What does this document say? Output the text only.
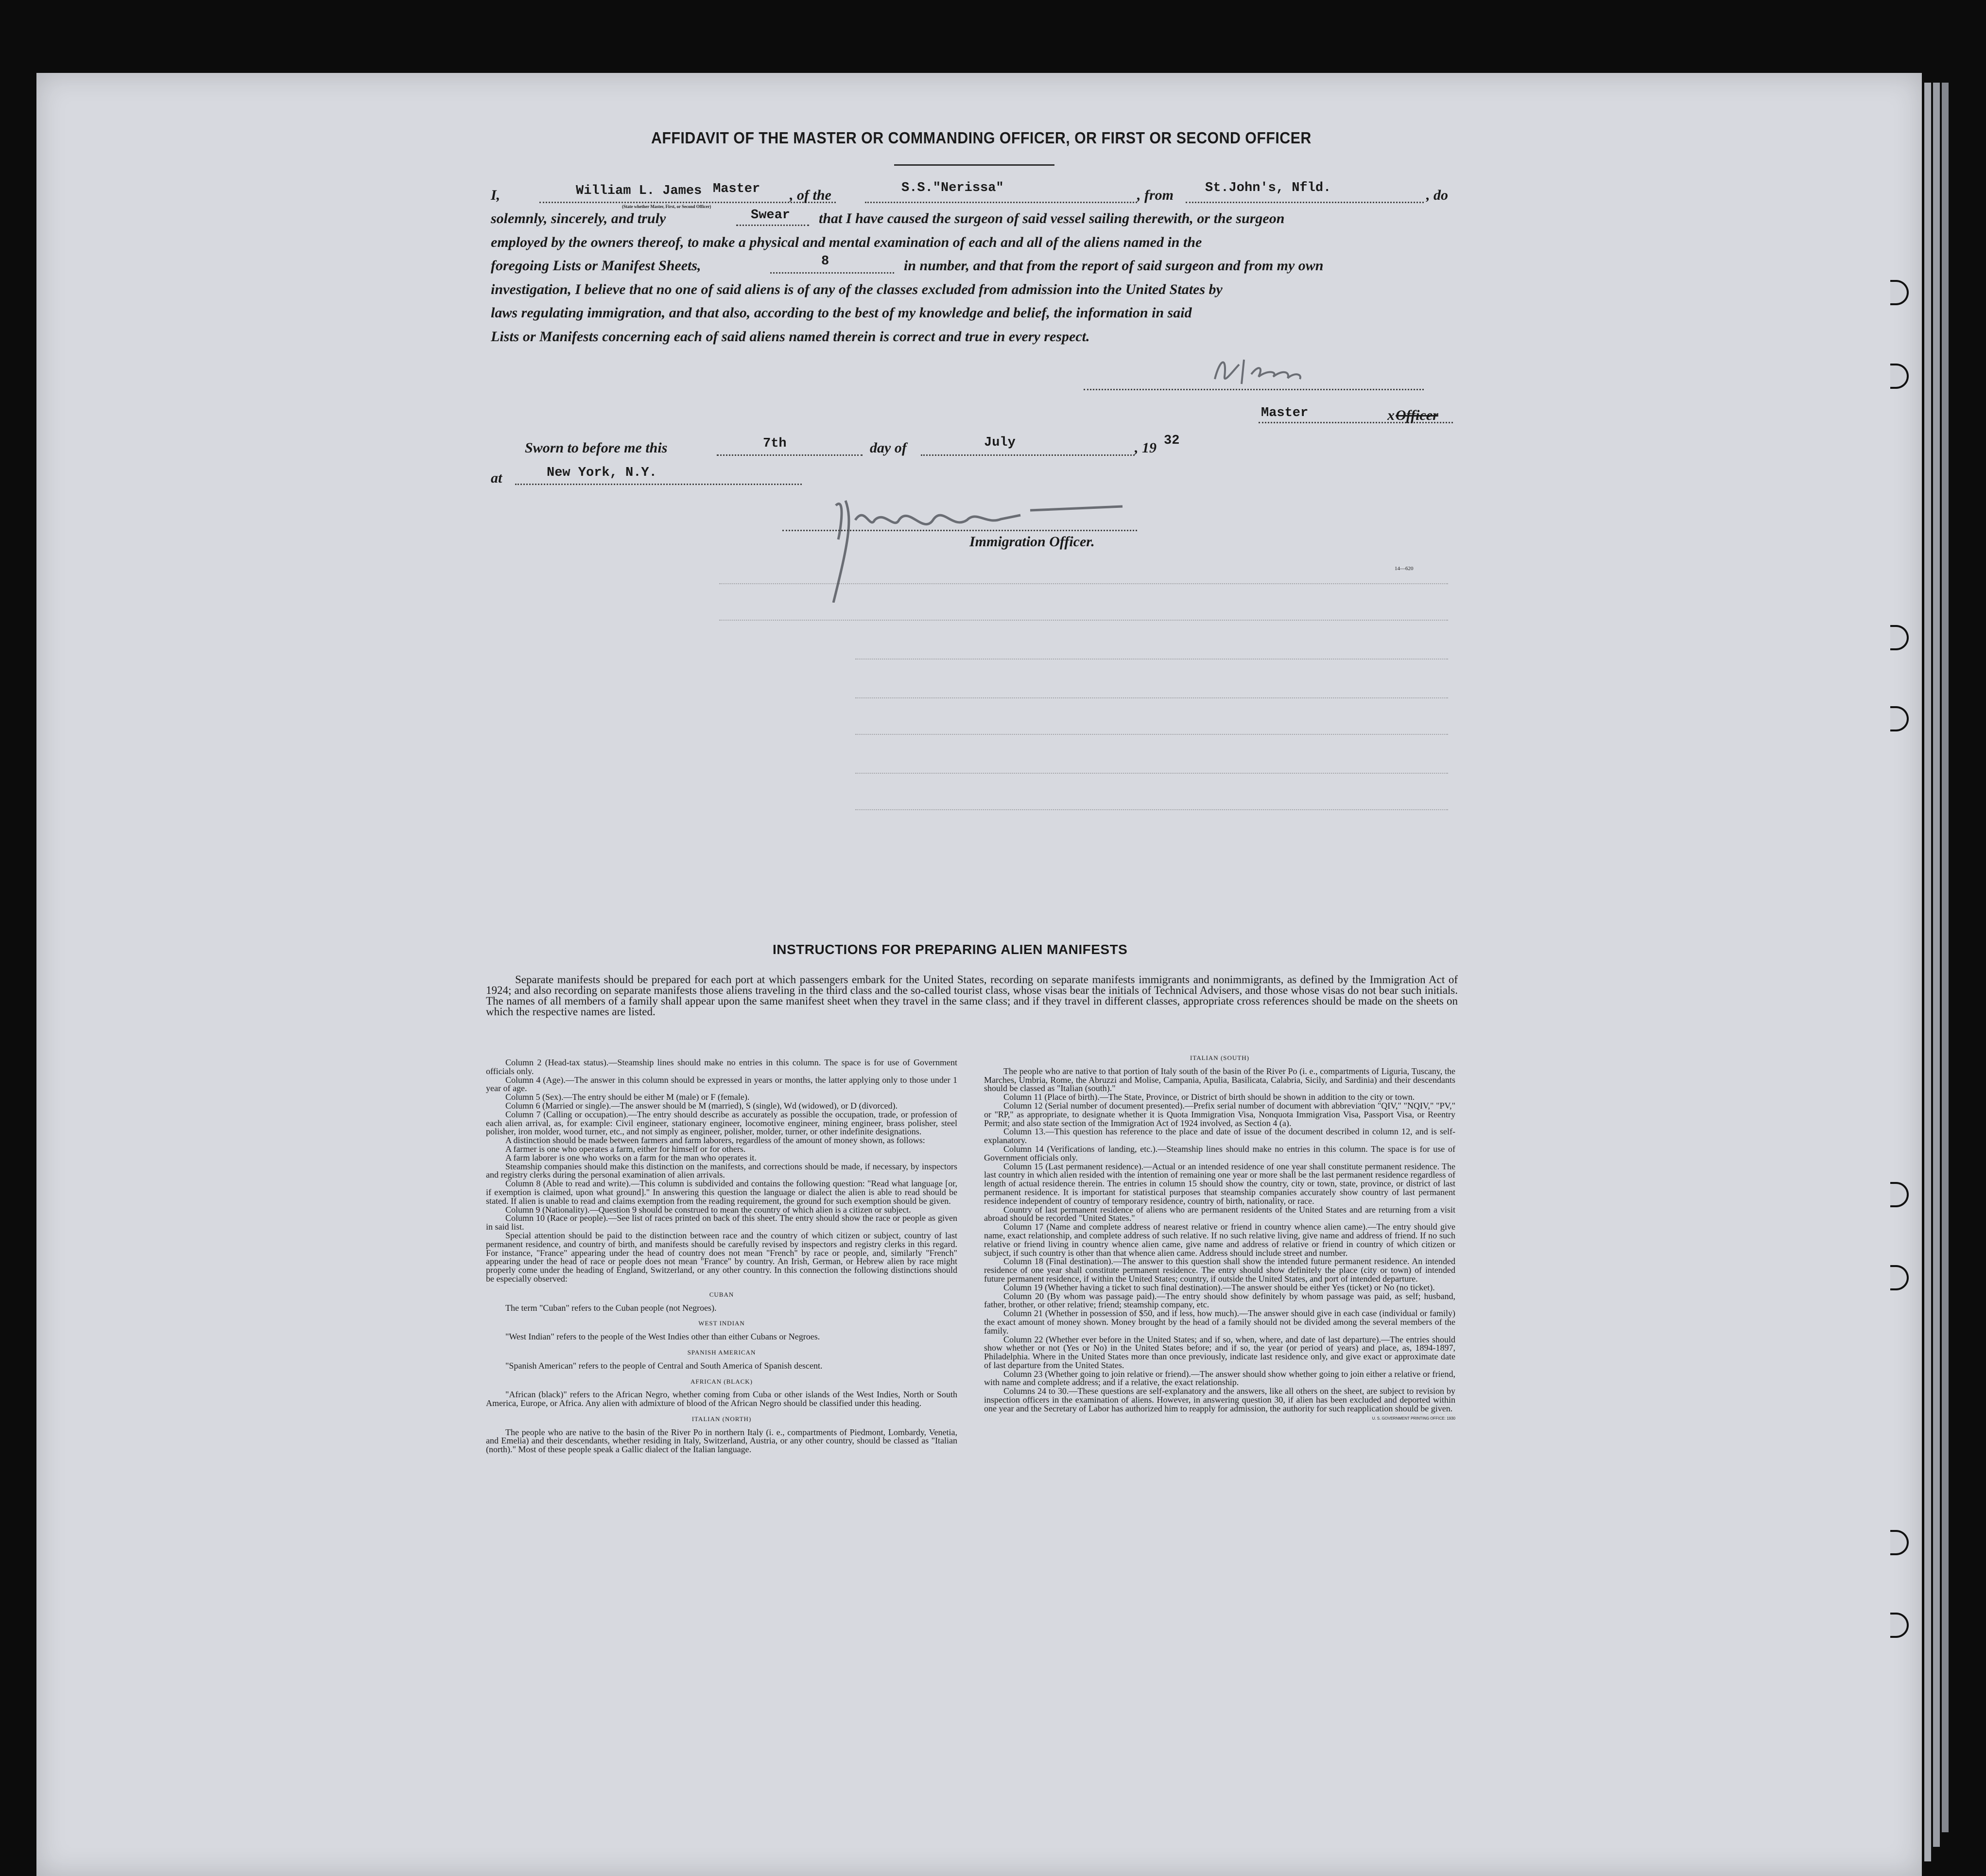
AFFIDAVIT OF THE MASTER OR COMMANDING OFFICER, OR FIRST OR SECOND OFFICER
I,	William L. James Master
(State whether Master, First, or Second Officer)
, of the	S.S."Nerissa"	, from St.John's, Nfld.	, do
solemnly, sincerely, and truly	Swear that I have caused the surgeon of said vessel sailing therewith, or the surgeon
employed by the owners thereof, to make a physical and mental examination of each and all of the aliens named in the
foregoing Lists or Manifest Sheets,	8	in number, and that from the report of said surgeon and from my own
investigation, I believe that no one of said aliens is of any of the classes excluded from admission into the United States by
laws regulating immigration, and that also, according to the best of my knowledge and belief, the information in said
Lists or Manifests concerning each of said aliens named therein is correct and true in every respect.
Master	x Officer
Sworn to before me this	7th	day of	July	, 19 32
at	New York, N.Y.
Immigration Officer.
14—620
INSTRUCTIONS FOR PREPARING ALIEN MANIFESTS
Separate manifests should be prepared for each port at which passengers embark for the United States, recording on separate manifests immigrants and nonimmigrants, as defined by the Immigration Act of 1924; and also recording on separate manifests those aliens traveling in the third class and the so-called tourist class, whose visas bear the initials of Technical Advisers, and those whose visas do not bear such initials. The names of all members of a family shall appear upon the same manifest sheet when they travel in the same class; and if they travel in different classes, appropriate cross references should be made on the sheets on which the respective names are listed.

Column 2 (Head-tax status).—Steamship lines should make no entries in this column. The space is for use of Government officials only.

Column 4 (Age).—The answer in this column should be expressed in years or months, the latter applying only to those under 1 year of age.

Column 5 (Sex).—The entry should be either M (male) or F (female).

Column 6 (Married or single).—The answer should be M (married), S (single), Wd (widowed), or D (divorced).

Column 7 (Calling or occupation).—The entry should describe as accurately as possible the occupation, trade, or profession of each alien arrival, as, for example: Civil engineer, stationary engineer, locomotive engineer, mining engineer, brass polisher, steel polisher, iron molder, wood turner, etc., and not simply as engineer, polisher, molder, turner, or other indefinite designations.

A distinction should be made between farmers and farm laborers, regardless of the amount of money shown, as follows:

A farmer is one who operates a farm, either for himself or for others.

A farm laborer is one who works on a farm for the man who operates it.

Steamship companies should make this distinction on the manifests, and corrections should be made, if necessary, by inspectors and registry clerks during the personal examination of alien arrivals.

Column 8 (Able to read and write).—This column is subdivided and contains the following question: "Read what language [or, if exemption is claimed, upon what ground]." In answering this question the language or dialect the alien is able to read should be stated. If alien is unable to read and claims exemption from the reading requirement, the ground for such exemption should be given.

Column 9 (Nationality).—Question 9 should be construed to mean the country of which alien is a citizen or subject.

Column 10 (Race or people).—See list of races printed on back of this sheet. The entry should show the race or people as given in said list.

Special attention should be paid to the distinction between race and the country of which citizen or subject, country of last permanent residence, and country of birth, and manifests should be carefully revised by inspectors and registry clerks in this regard. For instance, "France" appearing under the head of country does not mean "French" by race or people, and, similarly "French" appearing under the head of race or people does not mean "France" by country. An Irish, German, or Hebrew alien by race might properly come under the heading of England, Switzerland, or any other country. In this connection the following distinctions should be especially observed:

CUBAN

The term "Cuban" refers to the Cuban people (not Negroes).

WEST INDIAN

"West Indian" refers to the people of the West Indies other than either Cubans or Negroes.

SPANISH AMERICAN

"Spanish American" refers to the people of Central and South America of Spanish descent.

AFRICAN (BLACK)

"African (black)" refers to the African Negro, whether coming from Cuba or other islands of the West Indies, North or South America, Europe, or Africa. Any alien with admixture of blood of the African Negro should be classified under this heading.

ITALIAN (NORTH)

The people who are native to the basin of the River Po in northern Italy (i. e., compartments of Piedmont, Lombardy, Venetia, and Emelia) and their descendants, whether residing in Italy, Switzerland, Austria, or any other country, should be classed as "Italian (north)." Most of these people speak a Gallic dialect of the Italian language.

ITALIAN (SOUTH)

The people who are native to that portion of Italy south of the basin of the River Po (i. e., compartments of Liguria, Tuscany, the Marches, Umbria, Rome, the Abruzzi and Molise, Campania, Apulia, Basilicata, Calabria, Sicily, and Sardinia) and their descendants should be classed as "Italian (south)."

Column 11 (Place of birth).—The State, Province, or District of birth should be shown in addition to the city or town.

Column 12 (Serial number of document presented).—Prefix serial number of document with abbreviation "QIV," "NQIV," "PV," or "RP," as appropriate, to designate whether it is Quota Immigration Visa, Nonquota Immigration Visa, Passport Visa, or Reentry Permit; and also state section of the Immigration Act of 1924 involved, as Section 4 (a).

Column 13.—This question has reference to the place and date of issue of the document described in column 12, and is self-explanatory.

Column 14 (Verifications of landing, etc.).—Steamship lines should make no entries in this column. The space is for use of Government officials only.

Column 15 (Last permanent residence).—Actual or an intended residence of one year shall constitute permanent residence. The last country in which alien resided with the intention of remaining one year or more shall be the last permanent residence regardless of length of actual residence therein. The entries in column 15 should show the country, city or town, state, province, or district of last permanent residence. It is important for statistical purposes that steamship companies accurately show country of last permanent residence independent of country of temporary residence, country of birth, nationality, or race.

Country of last permanent residence of aliens who are permanent residents of the United States and are returning from a visit abroad should be recorded "United States."

Column 17 (Name and complete address of nearest relative or friend in country whence alien came).—The entry should give name, exact relationship, and complete address of such relative. If no such relative living, give name and address of friend. If no such relative or friend living in country whence alien came, give name and address of relative or friend in country of which citizen or subject, if such country is other than that whence alien came. Address should include street and number.

Column 18 (Final destination).—The answer to this question shall show the intended future permanent residence. An intended residence of one year shall constitute permanent residence. The entry should show definitely the place (city or town) of intended future permanent residence, if within the United States; country, if outside the United States, and port of intended departure.

Column 19 (Whether having a ticket to such final destination).—The answer should be either Yes (ticket) or No (no ticket).

Column 20 (By whom was passage paid).—The entry should show definitely by whom passage was paid, as self; husband, father, brother, or other relative; friend; steamship company, etc.

Column 21 (Whether in possession of $50, and if less, how much).—The answer should give in each case (individual or family) the exact amount of money shown. Money brought by the head of a family should not be divided among the several members of the family.

Column 22 (Whether ever before in the United States; and if so, when, where, and date of last departure).—The entries should show whether or not (Yes or No) in the United States before; and if so, the year (or period of years) and place, as, 1894-1897, Philadelphia. Where in the United States more than once previously, indicate last residence only, and give exact or approximate date of last departure from the United States.

Column 23 (Whether going to join relative or friend).—The answer should show whether going to join either a relative or friend, with name and complete address; and if a relative, the exact relationship.

Columns 24 to 30.—These questions are self-explanatory and the answers, like all others on the sheet, are subject to revision by inspection officers in the examination of aliens. However, in answering question 30, if alien has been excluded and deported within one year and the Secretary of Labor has authorized him to reapply for admission, the authority for such reapplication should be given.

U. S. GOVERNMENT PRINTING OFFICE: 1930
